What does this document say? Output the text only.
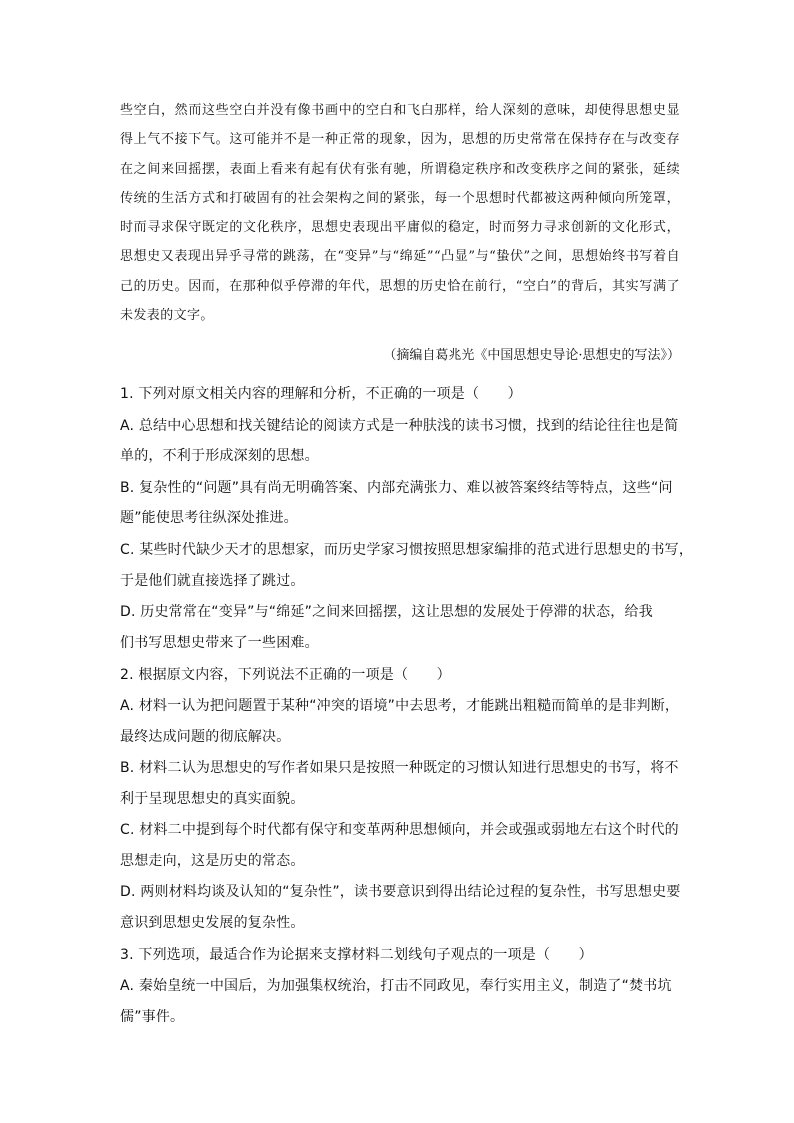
些空白，然而这些空白并没有像书画中的空白和飞白那样，给人深刻的意味，却使得思想史显得上气不接下气。这可能并不是一种正常的现象，因为，思想的历史常常在保持存在与改变存在之间来回摇摆，表面上看来有起有伏有张有驰，所谓稳定秩序和改变秩序之间的紧张，延续传统的生活方式和打破固有的社会架构之间的紧张，每一个思想时代都被这两种倾向所笼罩，时而寻求保守既定的文化秩序，思想史表现出平庸似的稳定，时而努力寻求创新的文化形式，思想史又表现出异乎寻常的跳荡，在“变异”与“绵延”“凸显”与“蛰伏”之间，思想始终书写着自己的历史。因而，在那种似乎停滞的年代，思想的历史恰在前行，“空白”的背后，其实写满了未发表的文字。
（摘编自葛兆光《中国思想史导论·思想史的写法》）
1. 下列对原文相关内容的理解和分析，不正确的一项是（　　）
A. 总结中心思想和找关键结论的阅读方式是一种肤浅的读书习惯，找到的结论往往也是简
单的，不利于形成深刻的思想。
B. 复杂性的“问题”具有尚无明确答案、内部充满张力、难以被答案终结等特点，这些“问
题”能使思考往纵深处推进。
C. 某些时代缺少天才的思想家，而历史学家习惯按照思想家编排的范式进行思想史的书写，
于是他们就直接选择了跳过。
D. 历史常常在“变异”与“绵延”之间来回摇摆，这让思想的发展处于停滞的状态，给我
们书写思想史带来了一些困难。
2. 根据原文内容，下列说法不正确的一项是（　　）
A. 材料一认为把问题置于某种“冲突的语境”中去思考，才能跳出粗糙而简单的是非判断，
最终达成问题的彻底解决。
B. 材料二认为思想史的写作者如果只是按照一种既定的习惯认知进行思想史的书写，将不
利于呈现思想史的真实面貌。
C. 材料二中提到每个时代都有保守和变革两种思想倾向，并会或强或弱地左右这个时代的
思想走向，这是历史的常态。
D. 两则材料均谈及认知的“复杂性”，读书要意识到得出结论过程的复杂性，书写思想史要
意识到思想史发展的复杂性。
3. 下列选项，最适合作为论据来支撑材料二划线句子观点的一项是（　　）
A. 秦始皇统一中国后，为加强集权统治，打击不同政见，奉行实用主义，制造了“焚书坑
儒”事件。
